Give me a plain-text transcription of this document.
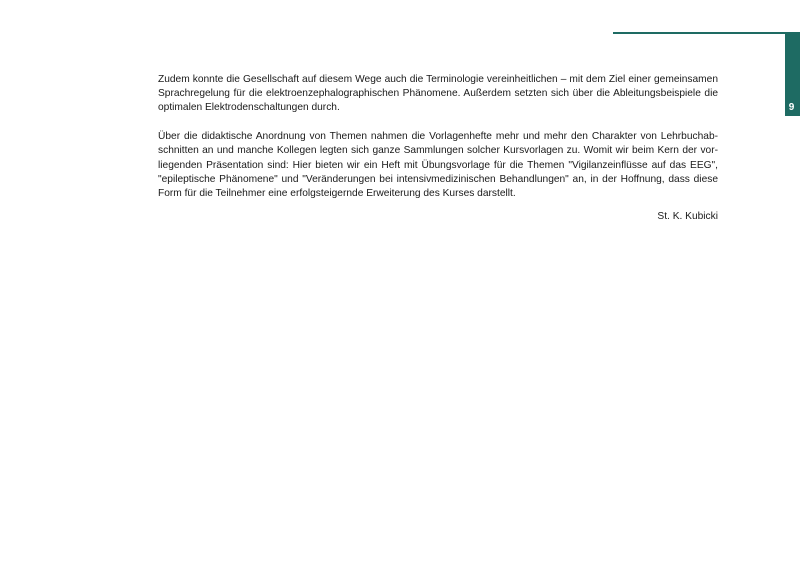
9

Zudem konnte die Gesellschaft auf diesem Wege auch die Terminologie vereinheitlichen – mit dem Ziel einer gemeinsamen
Sprachregelung für die elektroenzephalographischen Phänomene. Außerdem setzten sich über die Ableitungsbeispiele die
optimalen Elektrodenschaltungen durch.

Über die didaktische Anordnung von Themen nahmen die Vorlagenhefte mehr und mehr den Charakter von Lehrbuchab-
schnitten an und manche Kollegen legten sich ganze Sammlungen solcher Kursvorlagen zu. Womit wir beim Kern der vor-
liegenden Präsentation sind: Hier bieten wir ein Heft mit Übungsvorlage für die Themen "Vigilanzeinflüsse auf das EEG",
"epileptische Phänomene" und "Veränderungen bei intensivmedizinischen Behandlungen" an, in der Hoffnung, dass diese
Form für die Teilnehmer eine erfolgsteigernde Erweiterung des Kurses darstellt.

St. K. Kubicki
